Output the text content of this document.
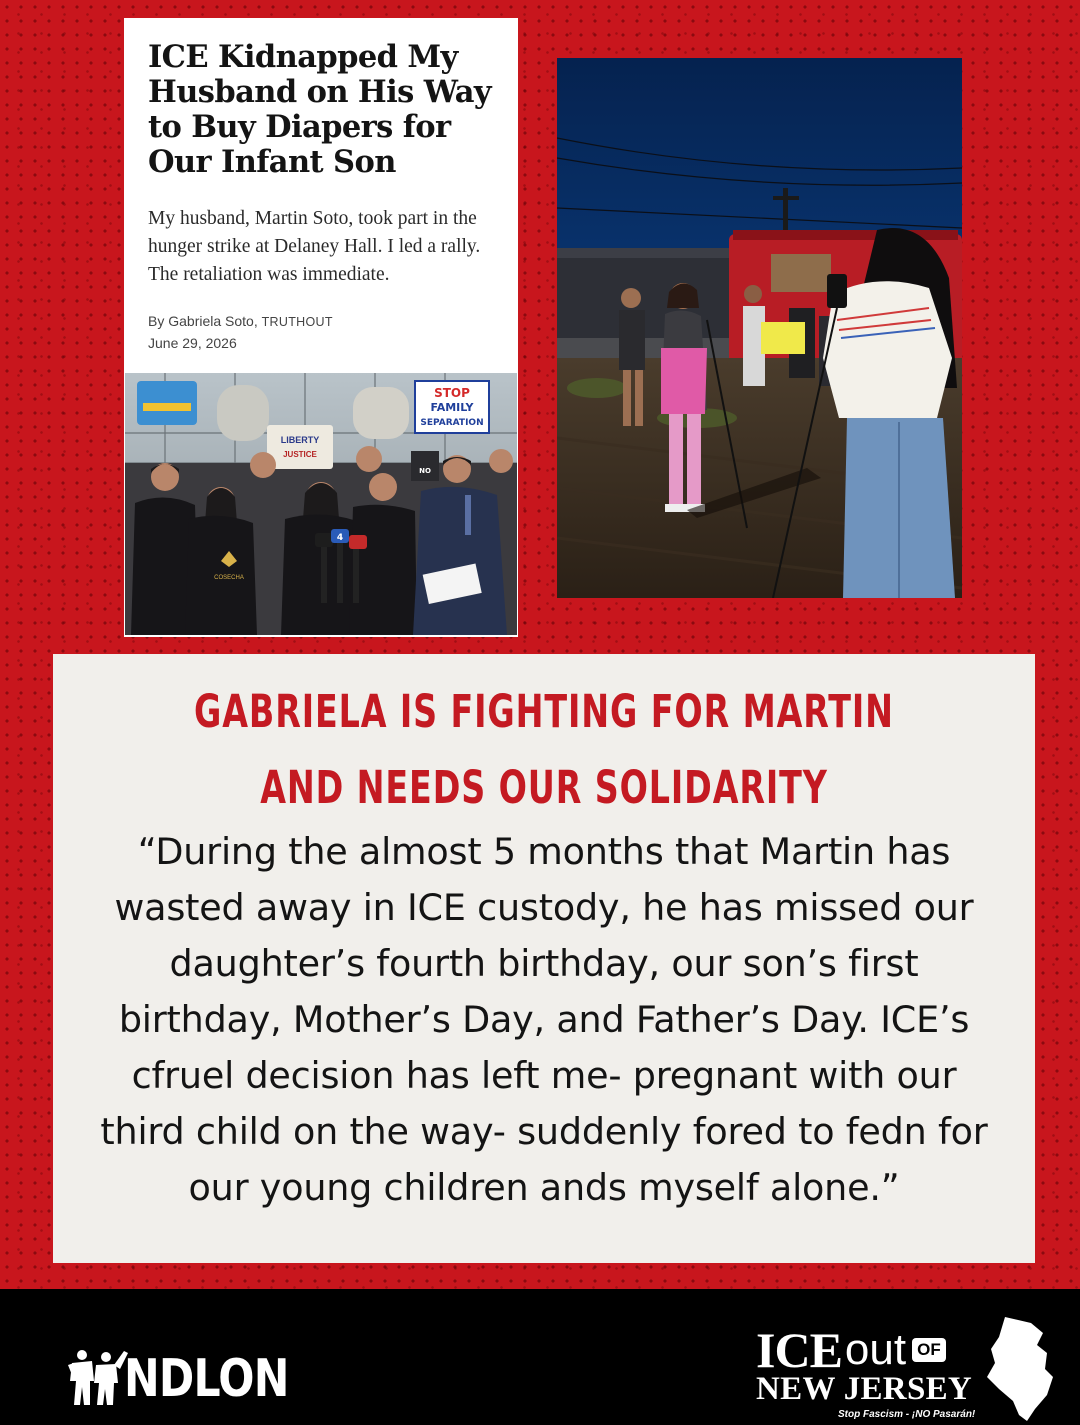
ICE Kidnapped My Husband on His Way to Buy Diapers for Our Infant Son

My husband, Martin Soto, took part in the hunger strike at Delaney Hall. I led a rally. The retaliation was immediate.

By Gabriela Soto, TRUTHOUT
June 29, 2026
LIBERTY
JUSTICE
STOP
FAMILY
SEPARATION
NO
4
COSECHA
GABRIELA IS FIGHTING FOR MARTIN
AND NEEDS OUR SOLIDARITY

“During the almost 5 months that Martin has wasted away in ICE custody, he has missed our daughter’s fourth birthday, our son’s first birthday, Mother’s Day, and Father’s Day. ICE’s cfruel decision has left me- pregnant with our third child on the way- suddenly fored to fedn for our young children ands myself alone.”

NDLON	ICE out OF
NEW JERSEY
Stop Fascism - ¡NO Pasarán!
